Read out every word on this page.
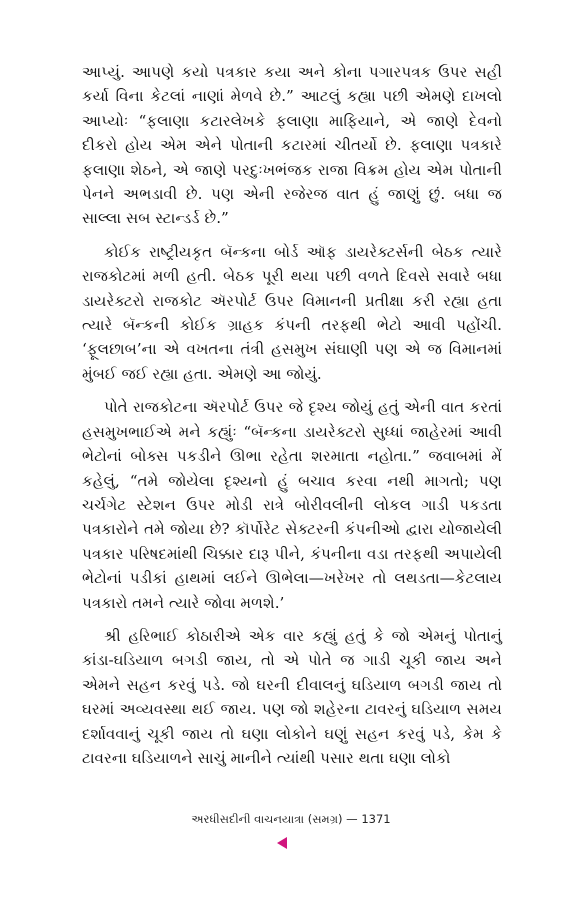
આપ્યું. આપણે કયો પત્રકાર કયા અને કોના પગારપત્રક ઉપર સહી કર્યા વિના કેટલાં નાણાં મેળવે છે.” આટલું કહ્યા પછી એમણે દાખલો આપ્યોઃ “ફલાણા કટારલેખકે ફલાણા માફિયાને, એ જાણે દેવનો દીકરો હોય એમ એને પોતાની કટારમાં ચીતર્યો છે. ફલાણા પત્રકારે ફલાણા શેઠને, એ જાણે પરદુઃખભંજક રાજા વિક્રમ હોય એમ પોતાની પેનને અભડાવી છે. પણ એની રજેરજ વાત હું જાણું છું. બધા જ સાલ્લા સબ સ્ટાન્ડર્ડ છે.”

કોઈક રાષ્ટ્રીયકૃત બૅન્કના બોર્ડ ઑફ ડાયરેક્ટર્સની બેઠક ત્યારે રાજકોટમાં મળી હતી. બેઠક પૂરી થયા પછી વળતે દિવસે સવારે બધા ડાયરેક્ટરો રાજકોટ ઍરપોર્ટ ઉપર વિમાનની પ્રતીક્ષા કરી રહ્યા હતા ત્યારે બૅન્કની કોઈક ગ્રાહક કંપની તરફથી ભેટો આવી પહોંચી. ‘ફૂલછાબ’ના એ વખતના તંત્રી હસમુખ સંઘાણી પણ એ જ વિમાનમાં મુંબઈ જઈ રહ્યા હતા. એમણે આ જોયું.

પોતે રાજકોટના ઍરપોર્ટ ઉપર જે દૃશ્ય જોયું હતું એની વાત કરતાં હસમુખભાઈએ મને કહ્યુંઃ “બૅન્કના ડાયરેક્ટરો સુધ્ધાં જાહેરમાં આવી ભેટોનાં બોક્સ પકડીને ઊભા રહેતા શરમાતા નહોતા.” જવાબમાં મેં કહેલું, “તમે જોયેલા દૃશ્યનો હું બચાવ કરવા નથી માગતો; પણ ચર્ચગેટ સ્ટેશન ઉપર મોડી રાત્રે બોરીવલીની લોકલ ગાડી પકડતા પત્રકારોને તમે જોયા છે? કૉર્પોરેટ સેક્ટરની કંપનીઓ દ્વારા યોજાયેલી પત્રકાર પરિષદમાંથી ચિક્કાર દારૂ પીને, કંપનીના વડા તરફથી અપાયેલી ભેટોનાં પડીકાં હાથમાં લઈને ઊભેલા—ખરેખર તો લથડતા—કેટલાય પત્રકારો તમને ત્યારે જોવા મળશે.’

શ્રી હરિભાઈ કોઠારીએ એક વાર કહ્યું હતું કે જો એમનું પોતાનું કાંડા-ઘડિયાળ બગડી જાય, તો એ પોતે જ ગાડી ચૂકી જાય અને એમને સહન કરવું પડે. જો ઘરની દીવાલનું ઘડિયાળ બગડી જાય તો ઘરમાં અવ્યવસ્થા થઈ જાય. પણ જો શહેરના ટાવરનું ઘડિયાળ સમય દર્શાવવાનું ચૂકી જાય તો ઘણા લોકોને ઘણું સહન કરવું પડે, કેમ કે ટાવરના ઘડિયાળને સાચું માનીને ત્યાંથી પસાર થતા ઘણા લોકો

અરધીસદીની વાચનયાત્રા (સમગ્ર) — 1371
